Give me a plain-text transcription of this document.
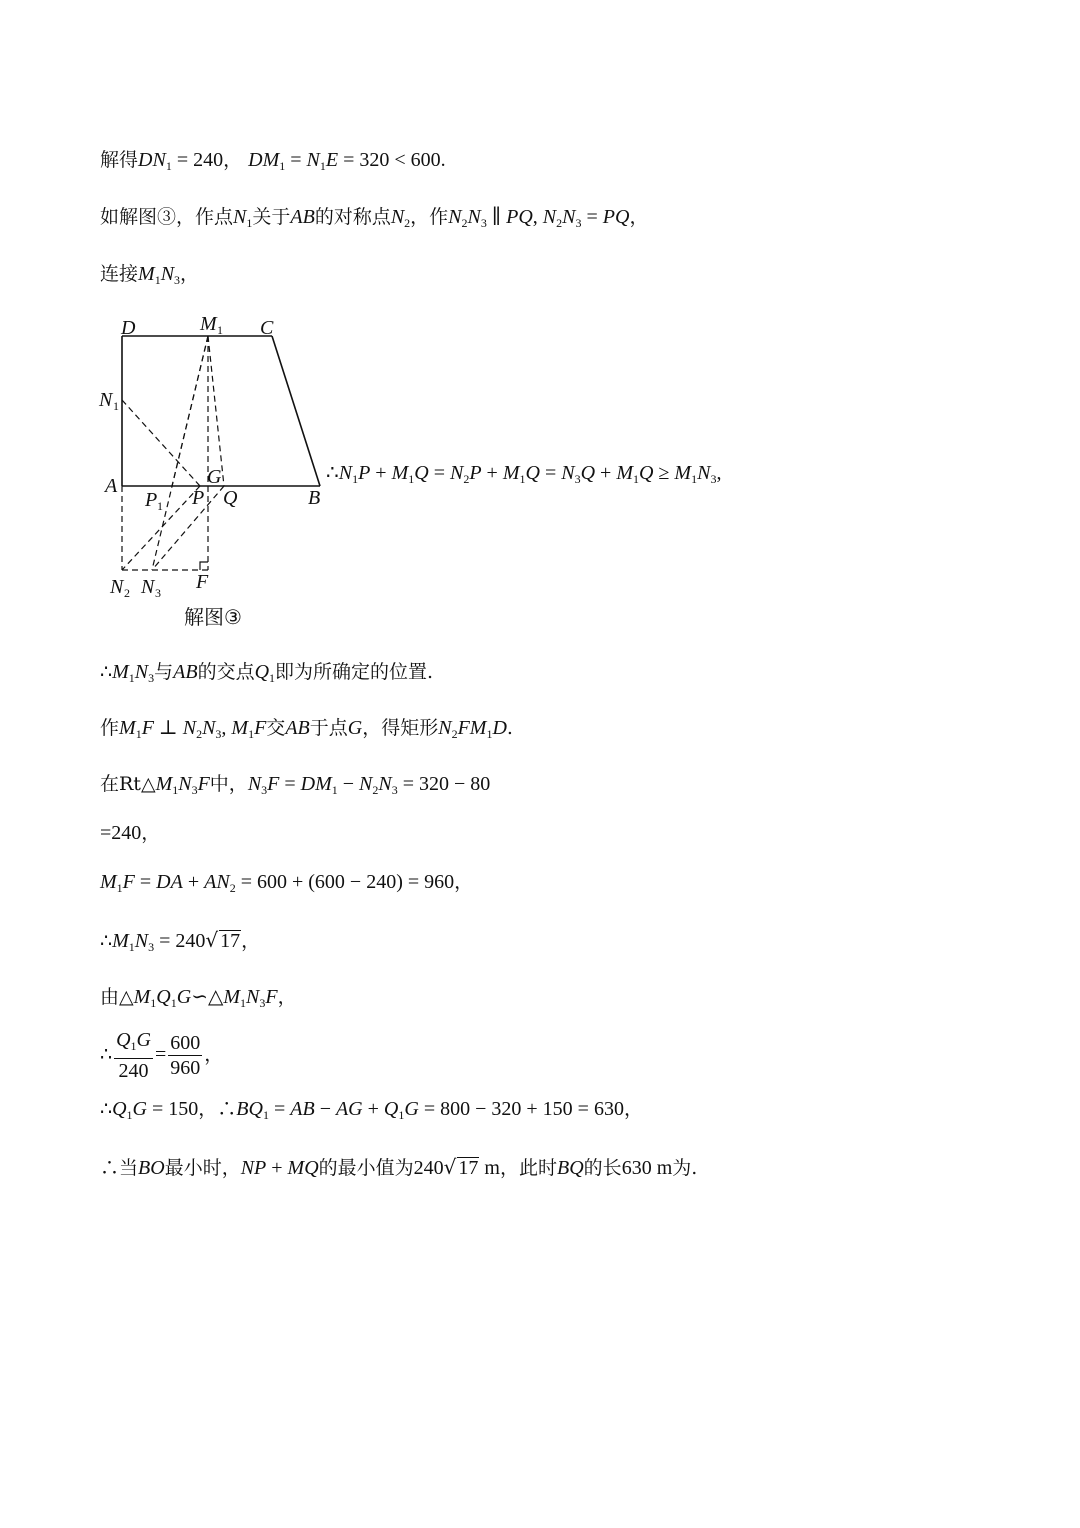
解得$DN_1 = 240$， $DM_1 = N_1E = 320 < 600$.
如解图③，作点$N_1$关于AB的对称点$N_2$，作$N_2N_3$ ∥ PQ, $N_2N_3$ = PQ，
连接$M_1N_3$，
D	M 1 C
N 1
A
P 1 P
G
Q	B
N 2 N 3 F
解图③
$\therefore N_1P + M_1Q = N_2P + M_1Q = N_3Q + M_1Q \ge M_1N_3$,
$\therefore M_1N_3$与AB的交点$Q_1$即为所确定的位置.
作$M_1F$ ⊥ $N_2N_3$, $M_1F$交AB于点G，得矩形$N_2FM_1D$.
在$Rt\triangle M_1N_3F$中，$N_3F = DM_1 - N_2N_3 = 320 - 80$
=240，
$M_1F$ = DA + $AN_2 = 600 + (600 - 240) = 960$，
$\therefore M_1N_3 = 240√$ 17，
由$\triangle M_1Q_1G∽\triangle M_1N_3F$，
∴ $\frac{Q_1G}{240} = \frac{600}{960}$ ，
$\therefore Q_1G = 150$，$\therefore BQ_1$ = AB − AG + $Q_1G = 800 - 320 + 150 = 630$，
∴当BO最小时，NP + MQ的最小值为240√ 17 m，此时BQ的长630 m为.
